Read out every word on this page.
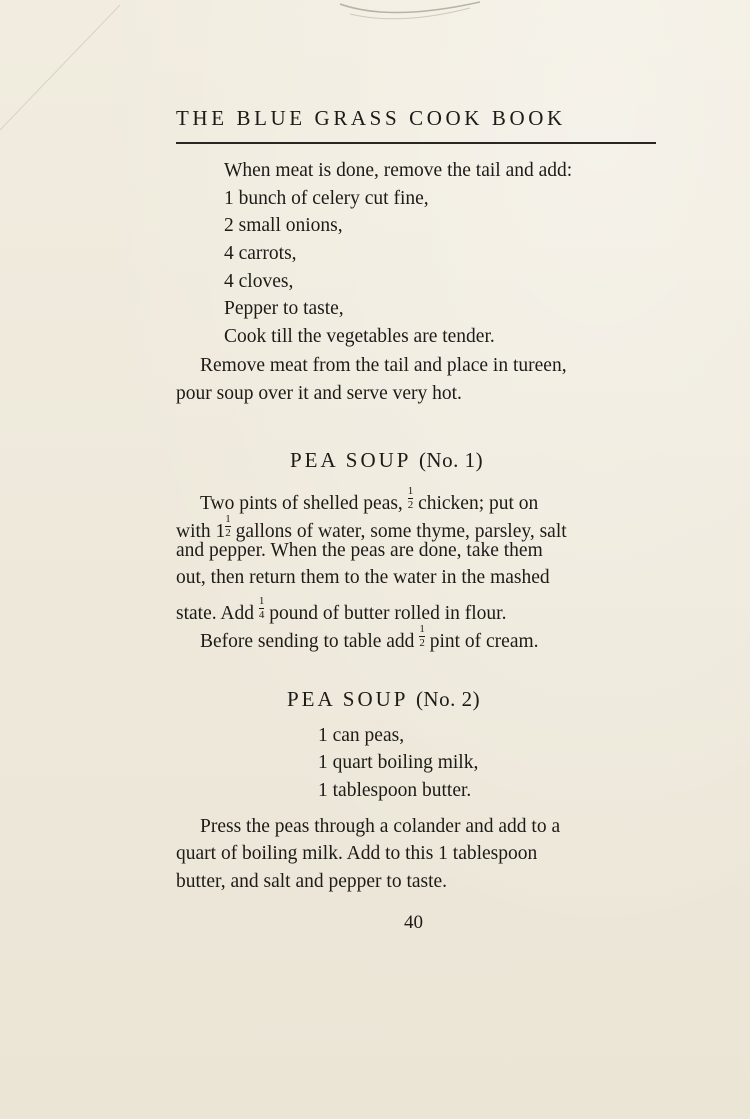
THE BLUE GRASS COOK BOOK
When meat is done, remove the tail and add:
1 bunch of celery cut fine,
2 small onions,
4 carrots,
4 cloves,
Pepper to taste,
Cook till the vegetables are tender.
Remove meat from the tail and place in tureen,
pour soup over it and serve very hot.
PEA SOUP (No. 1)
Two pints of shelled peas, $\frac{1}{2}$ chicken; put on
with $1 \frac{1}{2}$ gallons of water, some thyme, parsley, salt
and pepper. When the peas are done, take them
out, then return them to the water in the mashed
state. Add $\frac{1}{4}$ pound of butter rolled in flour.
Before sending to table add $\frac{1}{2}$ pint of cream.
PEA SOUP (No. 2)
1 can peas,
1 quart boiling milk,
1 tablespoon butter.
Press the peas through a colander and add to a
quart of boiling milk. Add to this 1 tablespoon
butter, and salt and pepper to taste.
40
